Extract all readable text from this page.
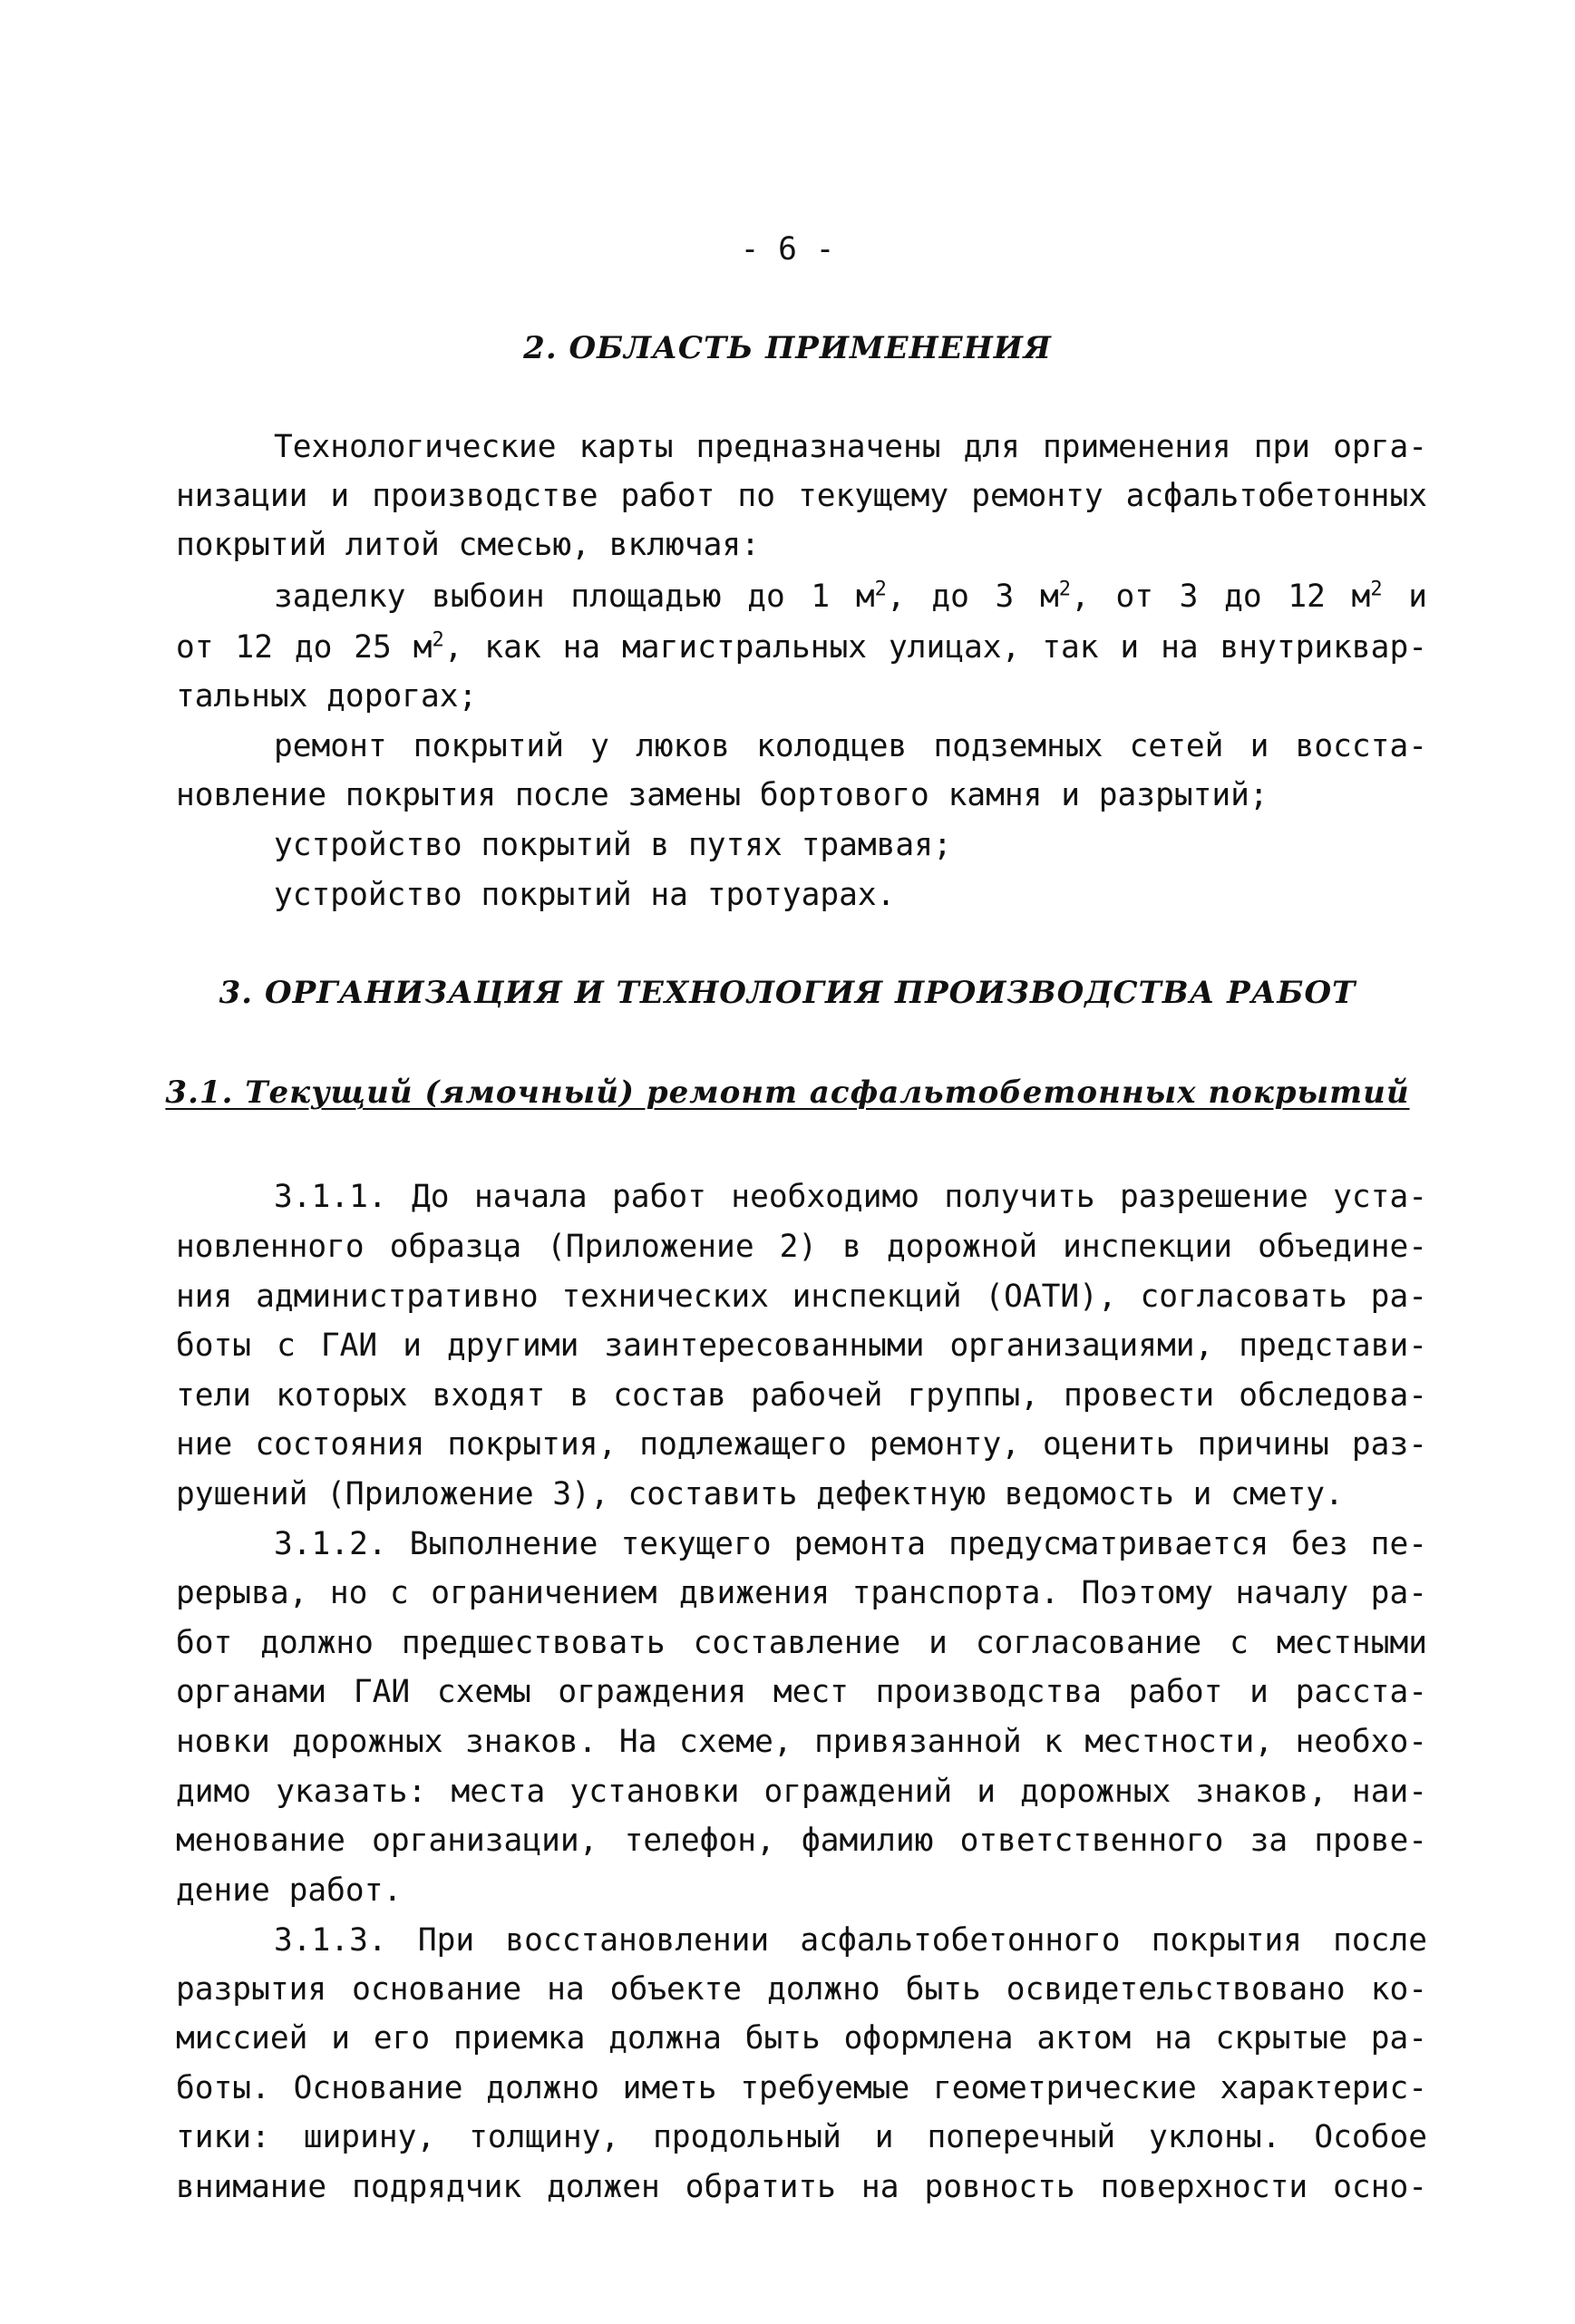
- 6 -
2. ОБЛАСТЬ ПРИМЕНЕНИЯ
Технологические карты предназначены для применения при орга-
низации и производстве работ по текущему ремонту асфальтобетонных
покрытий литой смесью, включая:
заделку выбоин площадью до 1 $м^2$, до 3 $м^2$, от 3 до 12 $м^2$ и
от 12 до 25 $м^2$, как на магистральных улицах, так и на внутриквар-
тальных дорогах;
ремонт покрытий у люков колодцев подземных сетей и восста-
новление покрытия после замены бортового камня и разрытий;
устройство покрытий в путях трамвая;
устройство покрытий на тротуарах.
3. ОРГАНИЗАЦИЯ И ТЕХНОЛОГИЯ ПРОИЗВОДСТВА РАБОТ
3.1. Текущий (ямочный) ремонт асфальтобетонных покрытий
3.1.1. До начала работ необходимо получить разрешение уста-
новленного образца (Приложение 2) в дорожной инспекции объедине-
ния административно технических инспекций (ОАТИ), согласовать ра-
боты с ГАИ и другими заинтересованными организациями, представи-
тели которых входят в состав рабочей группы, провести обследова-
ние состояния покрытия, подлежащего ремонту, оценить причины раз-
рушений (Приложение 3), составить дефектную ведомость и смету.
3.1.2. Выполнение текущего ремонта предусматривается без пе-
рерыва, но с ограничением движения транспорта. Поэтому началу ра-
бот должно предшествовать составление и согласование с местными
органами ГАИ схемы ограждения мест производства работ и расста-
новки дорожных знаков. На схеме, привязанной к местности, необхо-
димо указать: места установки ограждений и дорожных знаков, наи-
менование организации, телефон, фамилию ответственного за прове-
дение работ.
3.1.3. При восстановлении асфальтобетонного покрытия после
разрытия основание на объекте должно быть освидетельствовано ко-
миссией и его приемка должна быть оформлена актом на скрытые ра-
боты. Основание должно иметь требуемые геометрические характерис-
тики: ширину, толщину, продольный и поперечный уклоны. Особое
внимание подрядчик должен обратить на ровность поверхности осно-
